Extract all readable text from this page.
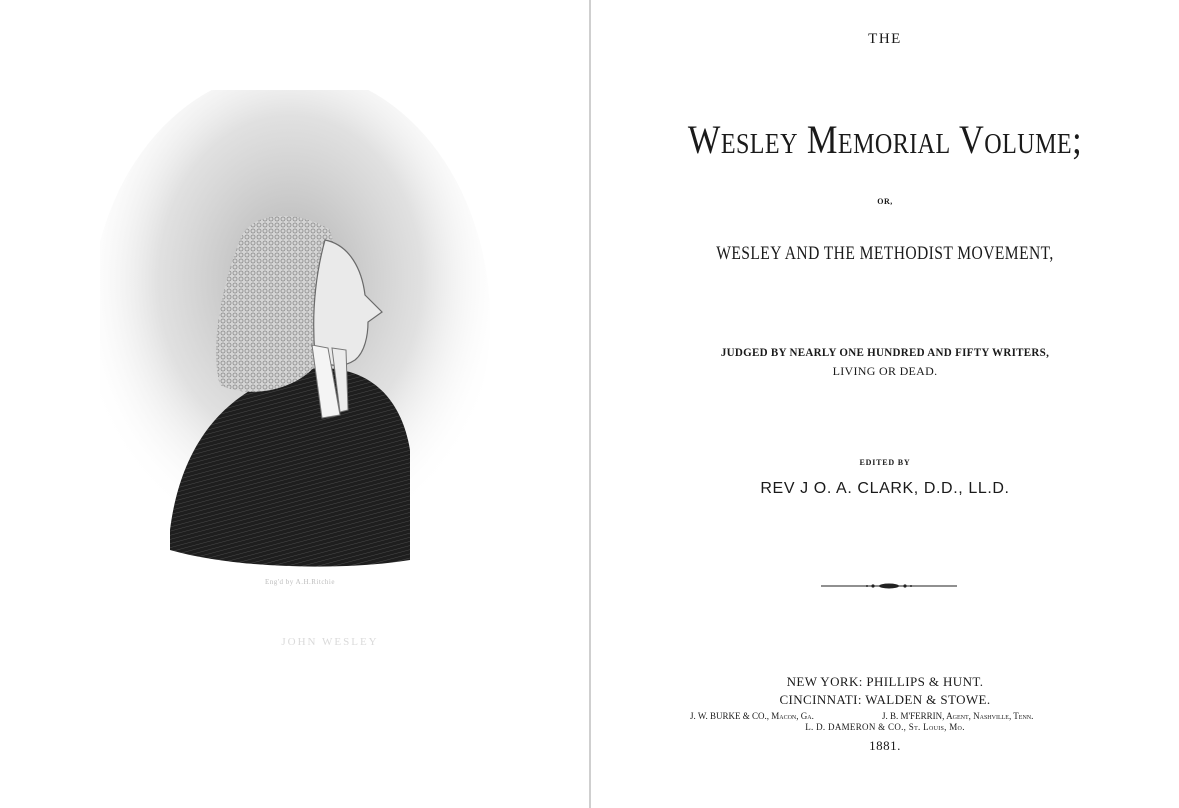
Eng'd by A.H.Ritchie
JOHN WESLEY
THE
Wesley Memorial Volume;
OR,
WESLEY AND THE METHODIST MOVEMENT,
JUDGED BY NEARLY ONE HUNDRED AND FIFTY WRITERS,
LIVING OR DEAD.
EDITED BY
REV J O. A. CLARK, D.D., LL.D.
NEW YORK: PHILLIPS & HUNT.
CINCINNATI: WALDEN & STOWE.
J. W. BURKE & CO., Macon, Ga.	J. B. M'FERRIN, Agent, Nashville, Tenn.
L. D. DAMERON & CO., St. Louis, Mo.
1881.
